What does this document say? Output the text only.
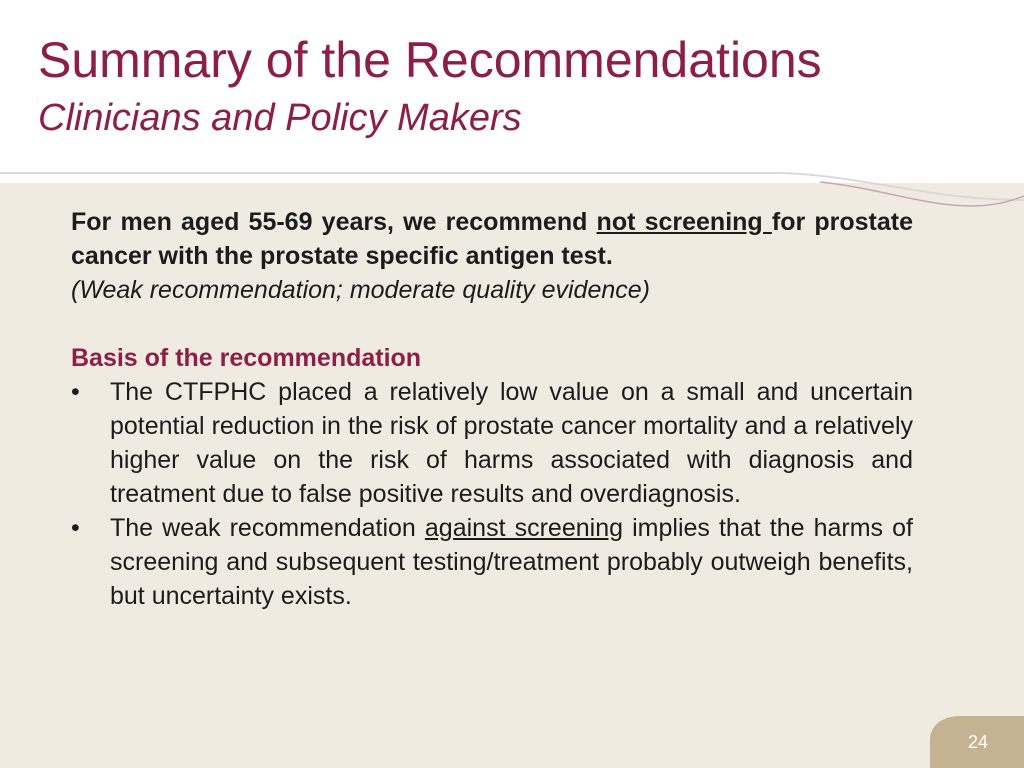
Summary of the Recommendations
Clinicians and Policy Makers
For men aged 55-69 years, we recommend not screening for prostate cancer with the prostate specific antigen test.
(Weak recommendation; moderate quality evidence)
Basis of the recommendation
• The CTFPHC placed a relatively low value on a small and uncertain potential reduction in the risk of prostate cancer mortality and a relatively higher value on the risk of harms associated with diagnosis and treatment due to false positive results and overdiagnosis.
• The weak recommendation against screening implies that the harms of screening and subsequent testing/treatment probably outweigh benefits, but uncertainty exists.
24
